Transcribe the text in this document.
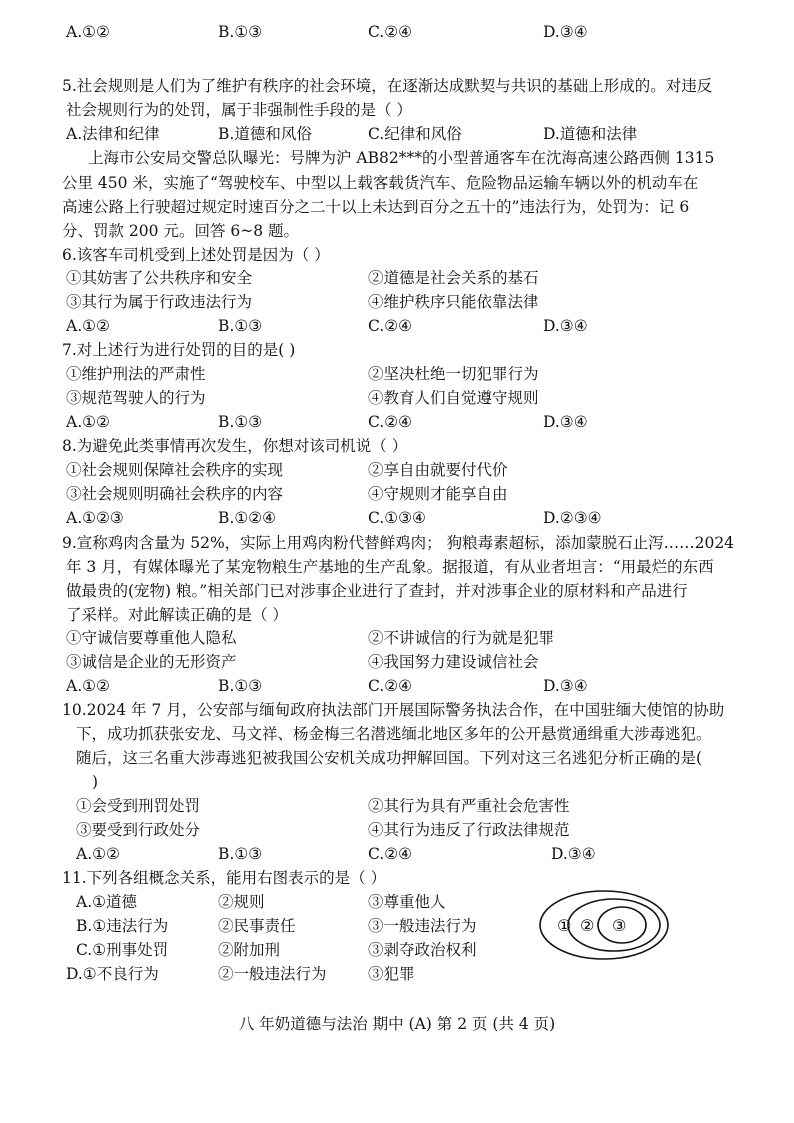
A.①②	B.①③	C.②④	D.③④
5.社会规则是人们为了维护有秩序的社会环境，在逐渐达成默契与共识的基础上形成的。对违反
社会规则行为的处罚，属于非强制性手段的是（ ）
A.法律和纪律	B.道德和风俗	C.纪律和风俗	D.道德和法律
上海市公安局交警总队曝光：号牌为沪 AB82***的小型普通客车在沈海高速公路西侧 1315
公里 450 米，实施了“驾驶校车、中型以上载客载货汽车、危险物品运输车辆以外的机动车在
高速公路上行驶超过规定时速百分之二十以上未达到百分之五十的”违法行为，处罚为：记 6
分、罚款 200 元。回答 6~8 题。
6.该客车司机受到上述处罚是因为（ ）
①其妨害了公共秩序和安全	②道德是社会关系的基石
③其行为属于行政违法行为	④维护秩序只能依靠法律
A.①②	B.①③	C.②④	D.③④
7.对上述行为进行处罚的目的是( )
①维护刑法的严肃性	②坚决杜绝一切犯罪行为
③规范驾驶人的行为	④教育人们自觉遵守规则
A.①②	B.①③	C.②④	D.③④
8.为避免此类事情再次发生，你想对该司机说（ ）
①社会规则保障社会秩序的实现	②享自由就要付代价
③社会规则明确社会秩序的内容	④守规则才能享自由
A.①②③	B.①②④	C.①③④	D.②③④
9.宣称鸡肉含量为 52%，实际上用鸡肉粉代替鲜鸡肉； 狗粮毒素超标，添加蒙脱石止泻……2024
年 3 月，有媒体曝光了某宠物粮生产基地的生产乱象。据报道，有从业者坦言：“用最烂的东西
做最贵的(宠物) 粮。”相关部门已对涉事企业进行了查封，并对涉事企业的原材料和产品进行
了采样。对此解读正确的是（ ）
①守诚信要尊重他人隐私	②不讲诚信的行为就是犯罪
③诚信是企业的无形资产	④我国努力建设诚信社会
A.①②	B.①③	C.②④	D.③④
10.2024 年 7 月，公安部与缅甸政府执法部门开展国际警务执法合作，在中国驻缅大使馆的协助
下，成功抓获张安龙、马文祥、杨金梅三名潜逃缅北地区多年的公开悬赏通缉重大涉毒逃犯。
随后，这三名重大涉毒逃犯被我国公安机关成功押解回国。下列对这三名逃犯分析正确的是(
)
①会受到刑罚处罚	②其行为具有严重社会危害性
③要受到行政处分	④其行为违反了行政法律规范
A.①②	B.①③	C.②④	D.③④
11.下列各组概念关系，能用右图表示的是（ ）
A.①道德	②规则	③尊重他人
B.①违法行为	②民事责任	③一般违法行为
C.①刑事处罚	②附加刑	③剥夺政治权利
D.①不良行为	②一般违法行为	③犯罪
① ② ③
八 年奶道德与法治 期中 (A) 第 2 页 (共 4 页)
